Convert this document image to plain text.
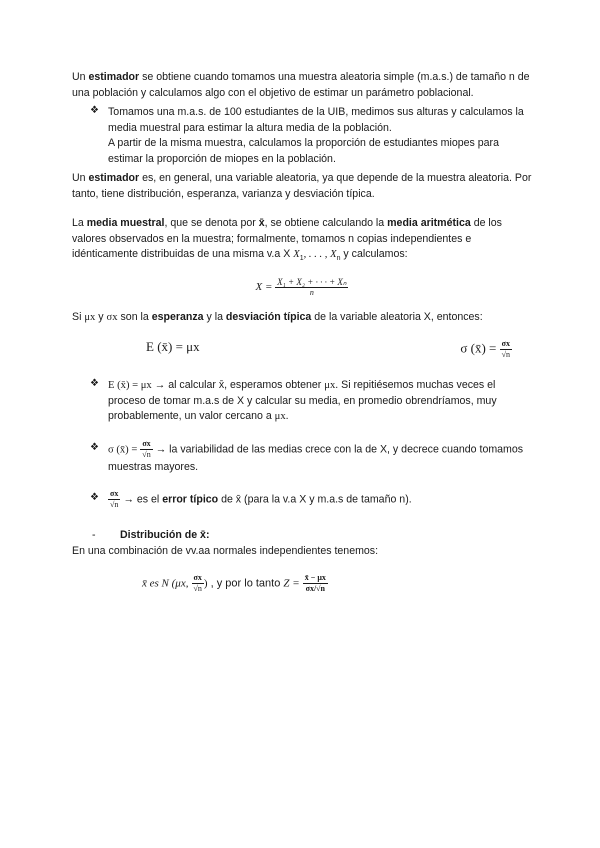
Un estimador se obtiene cuando tomamos una muestra aleatoria simple (m.a.s.) de tamaño n de una población y calculamos algo con el objetivo de estimar un parámetro poblacional.

❖ Tomamos una m.a.s. de 100 estudiantes de la UIB, medimos sus alturas y calculamos la media muestral para estimar la altura media de la población.

A partir de la misma muestra, calculamos la proporción de estudiantes miopes para estimar la proporción de miopes en la población.

Un estimador es, en general, una variable aleatoria, ya que depende de la muestra aleatoria. Por tanto, tiene distribución, esperanza, varianza y desviación típica.

La media muestral, que se denota por x̄, se obtiene calculando la media aritmética de los valores observados en la muestra; formalmente, tomamos n copias independientes e idénticamente distribuidas de una misma v.a X $X_1$, . . . , $X_n$ y calculamos:

$X = \frac{\text{X₁ + X₂ + · · · + Xₙ}}{n}$

Si μx y σx son la esperanza y la desviación típica de la variable aleatoria X, entonces:

E (x̄) = μx	σ (x̄) = $\frac{\sigma x}{√n}$
❖ E (x̄) = μx → al calcular x̄, esperamos obtener μx. Si repitiésemos muchas veces el proceso de tomar m.a.s de X y calcular su media, en promedio obrendríamos, muy probablemente, un valor cercano a μx.

❖ σ (x̄) = $\frac{\sigma x}{√n}$ → la variabilidad de las medias crece con la de X, y decrece cuando tomamos muestras mayores.

❖ $\frac{\sigma x}{√n}$ → es el error típico de x̄ (para la v.a X y m.a.s de tamaño n).

- Distribución de x̄:

En una combinación de vv.aa normales independientes tenemos:

x̄ es N (μx, $\frac{\sigma x}{√n}$ ) , y por lo tanto $Z = \frac{x̄ - \mu x}{\sigma x/√n}$
